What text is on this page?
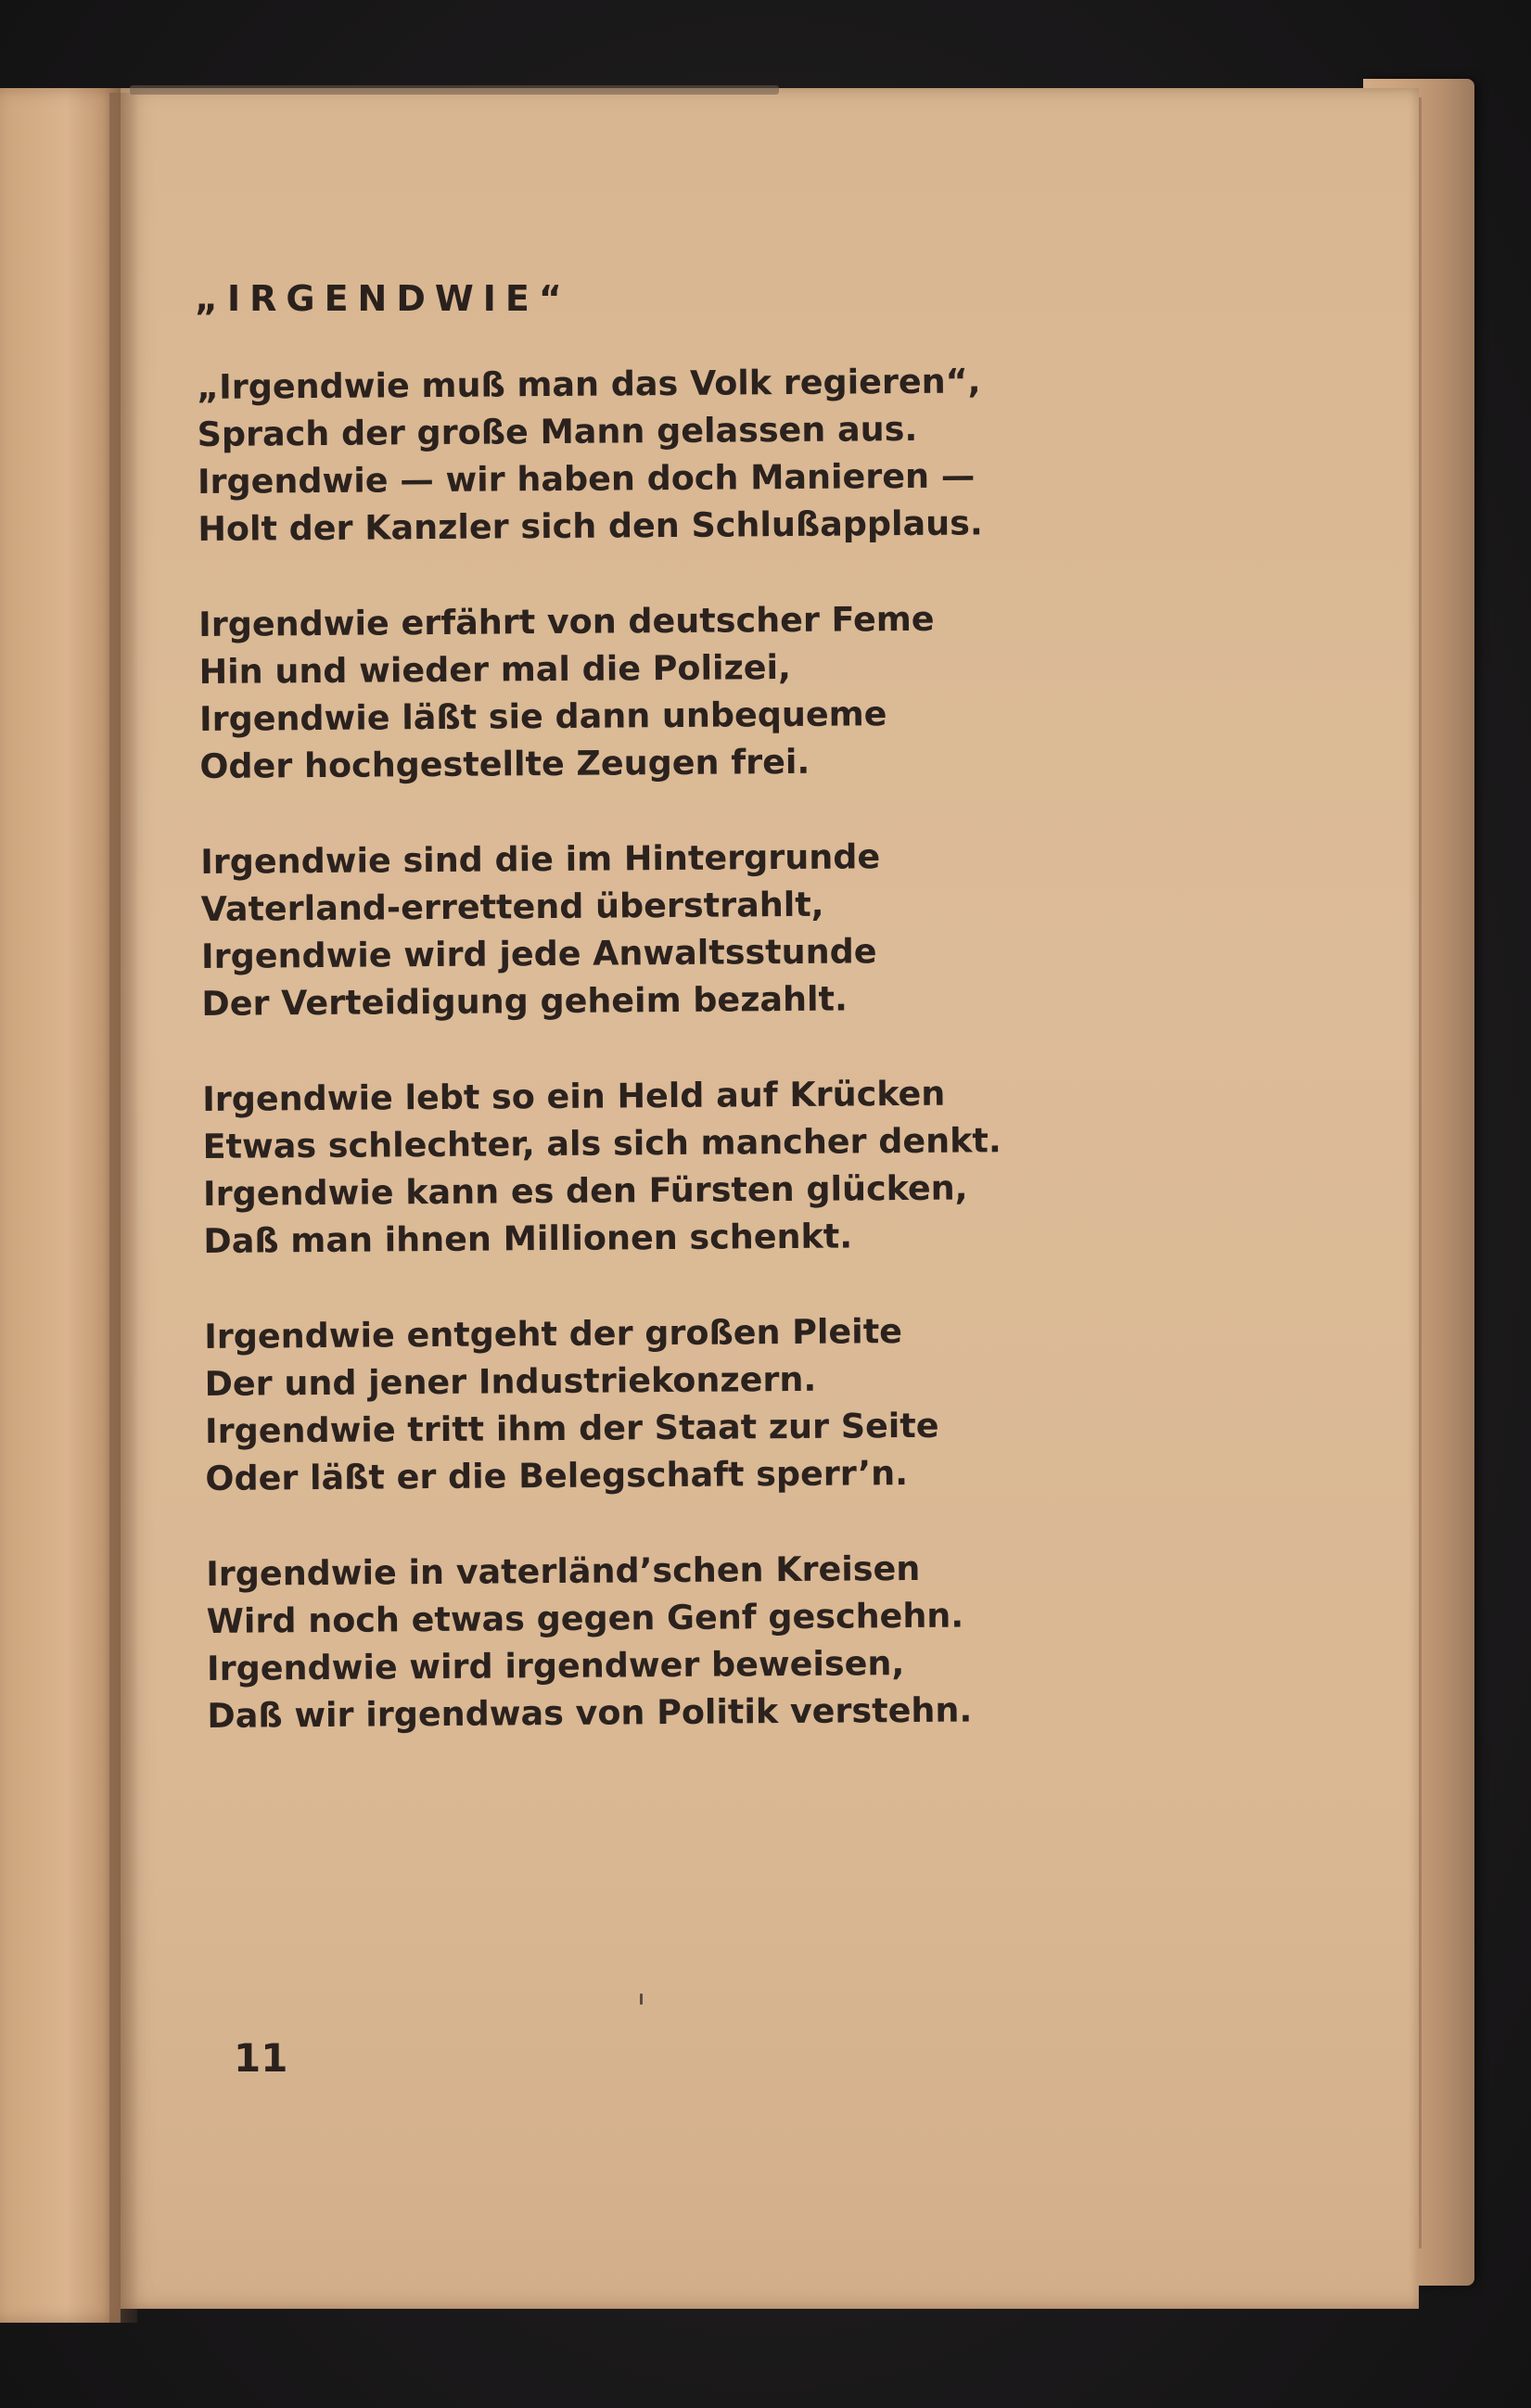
„IRGENDWIE“
„Irgendwie muß man das Volk regieren“,
Sprach der große Mann gelassen aus.
Irgendwie — wir haben doch Manieren —
Holt der Kanzler sich den Schlußapplaus.
Irgendwie erfährt von deutscher Feme
Hin und wieder mal die Polizei,
Irgendwie läßt sie dann unbequeme
Oder hochgestellte Zeugen frei.
Irgendwie sind die im Hintergrunde
Vaterland-errettend überstrahlt,
Irgendwie wird jede Anwaltsstunde
Der Verteidigung geheim bezahlt.
Irgendwie lebt so ein Held auf Krücken
Etwas schlechter, als sich mancher denkt.
Irgendwie kann es den Fürsten glücken,
Daß man ihnen Millionen schenkt.
Irgendwie entgeht der großen Pleite
Der und jener Industriekonzern.
Irgendwie tritt ihm der Staat zur Seite
Oder läßt er die Belegschaft sperr’n.
Irgendwie in vaterländ’schen Kreisen
Wird noch etwas gegen Genf geschehn.
Irgendwie wird irgendwer beweisen,
Daß wir irgendwas von Politik verstehn.
11
